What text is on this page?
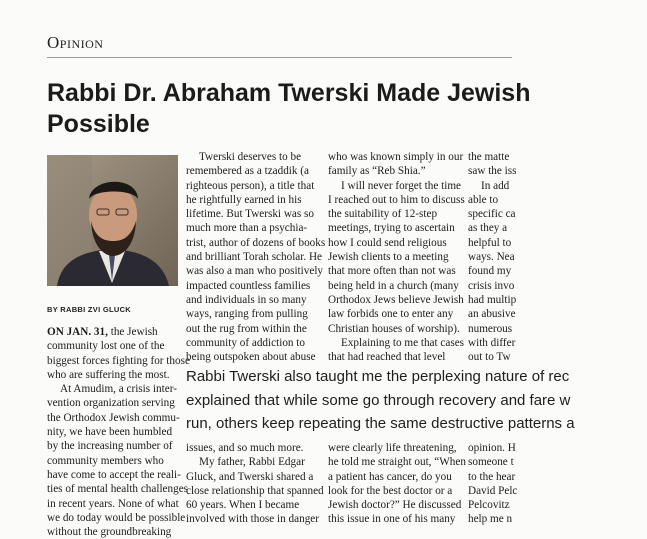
Opinion
Rabbi Dr. Abraham Twerski Made Jewish
Possible
BY RABBI ZVI GLUCK
ON JAN. 31, the Jewish
community lost one of the
biggest forces fighting for those
who are suffering the most.
At Amudim, a crisis inter-
vention organization serving
the Orthodox Jewish commu-
nity, we have been humbled
by the increasing number of
community members who
have come to accept the reali-
ties of mental health challenges
in recent years. None of what
we do today would be possible
without the groundbreaking
Twerski deserves to be
remembered as a tzaddik (a
righteous person), a title that
he rightfully earned in his
lifetime. But Twerski was so
much more than a psychia-
trist, author of dozens of books
and brilliant Torah scholar. He
was also a man who positively
impacted countless families
and individuals in so many
ways, ranging from pulling
out the rug from within the
community of addiction to
being outspoken about abuse
who was known simply in our
family as “Reb Shia.”
I will never forget the time
I reached out to him to discuss
the suitability of 12-step
meetings, trying to ascertain
how I could send religious
Jewish clients to a meeting
that more often than not was
being held in a church (many
Orthodox Jews believe Jewish
law forbids one to enter any
Christian houses of worship).
Explaining to me that cases
that had reached that level
the matte
saw the iss
In add
able to
specific ca
as they a
helpful to
ways. Nea
found my
crisis invo
had multip
an abusive
numerous
with differ
out to Tw
Rabbi Twerski also taught me the perplexing nature of rec
explained that while some go through recovery and fare w
run, others keep repeating the same destructive patterns a
issues, and so much more.
My father, Rabbi Edgar
Gluck, and Twerski shared a
close relationship that spanned
60 years. When I became
involved with those in danger
were clearly life threatening,
he told me straight out, “When
a patient has cancer, do you
look for the best doctor or a
Jewish doctor?” He discussed
this issue in one of his many
opinion. H
someone t
to the hear
David Pelc
Pelcovitz
help me n
